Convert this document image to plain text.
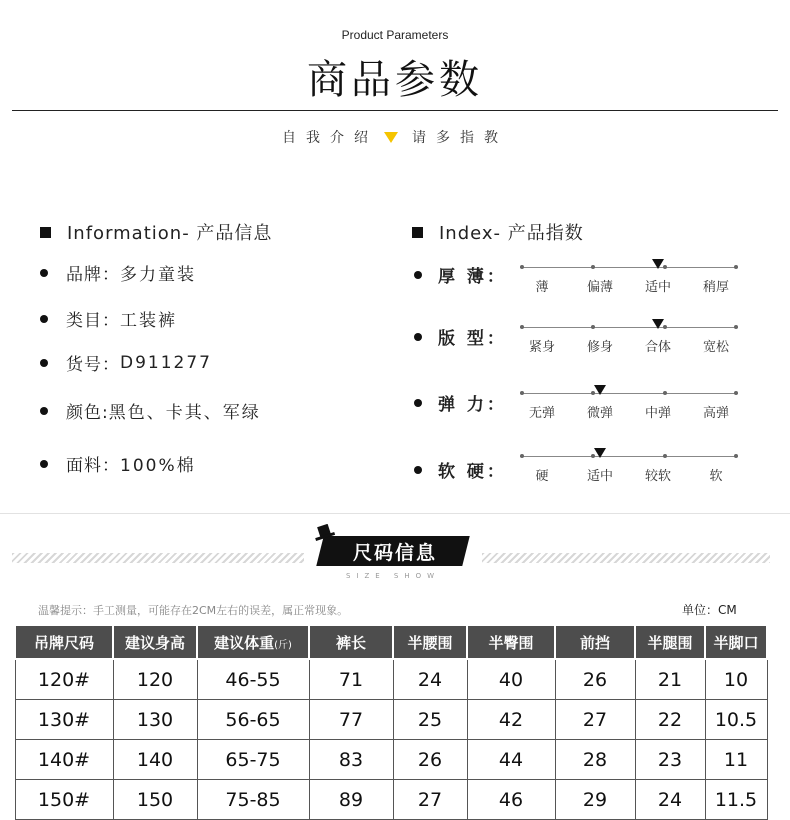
Product Parameters
商品参数
自我介绍 请多指教
Information- 产品信息
品牌： 多力童装
类目： 工装裤
货号： D911277
颜色: 黑色、卡其、军绿
面料： 100%棉
Index- 产品指数
厚 薄：
薄	偏薄 适中 稍厚
版 型： 紧身 修身 合体 宽松
弹 力： 无弹 微弹 中弹 高弹
软 硬： 硬	适中 较软	软
尺码信息
SIZE SHOW
温馨提示：手工测量，可能存在2CM左右的误差，属正常现象。	单位：CM
吊牌尺码	建议身高	建议体重(斤)	裤长	半腰围	半臀围	前挡	半腿围	半脚口
120#	120	46-55	71	24	40	26	21	10
130#	130	56-65	77	25	42	27	22	10.5
140#	140	65-75	83	26	44	28	23	11
150#	150	75-85	89	27	46	29	24	11.5
